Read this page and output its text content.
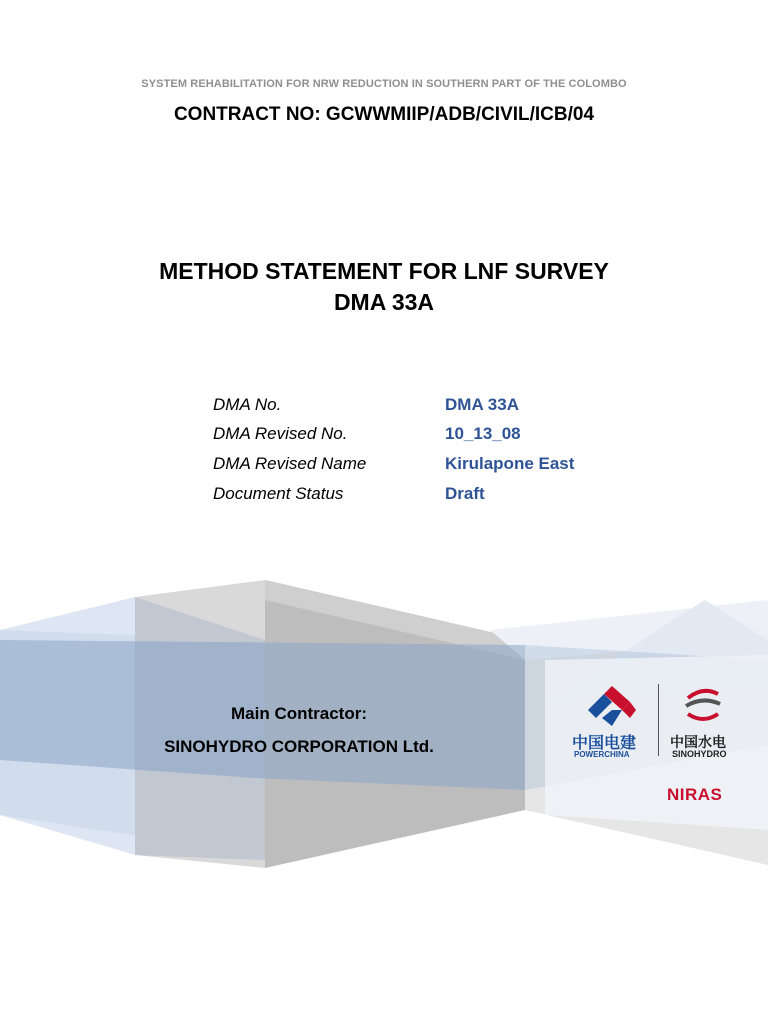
SYSTEM REHABILITATION FOR NRW REDUCTION IN SOUTHERN PART OF THE COLOMBO
CONTRACT NO: GCWWMIIP/ADB/CIVIL/ICB/04
METHOD STATEMENT FOR LNF SURVEY
DMA 33A
DMA No.	DMA 33A
DMA Revised No.	10_13_08
DMA Revised Name	Kirulapone East
Document Status	Draft
Main Contractor:
SINOHYDRO CORPORATION Ltd.	中国电建
POWERCHINA
中国水电
SINOHYDRO
NIRAS
